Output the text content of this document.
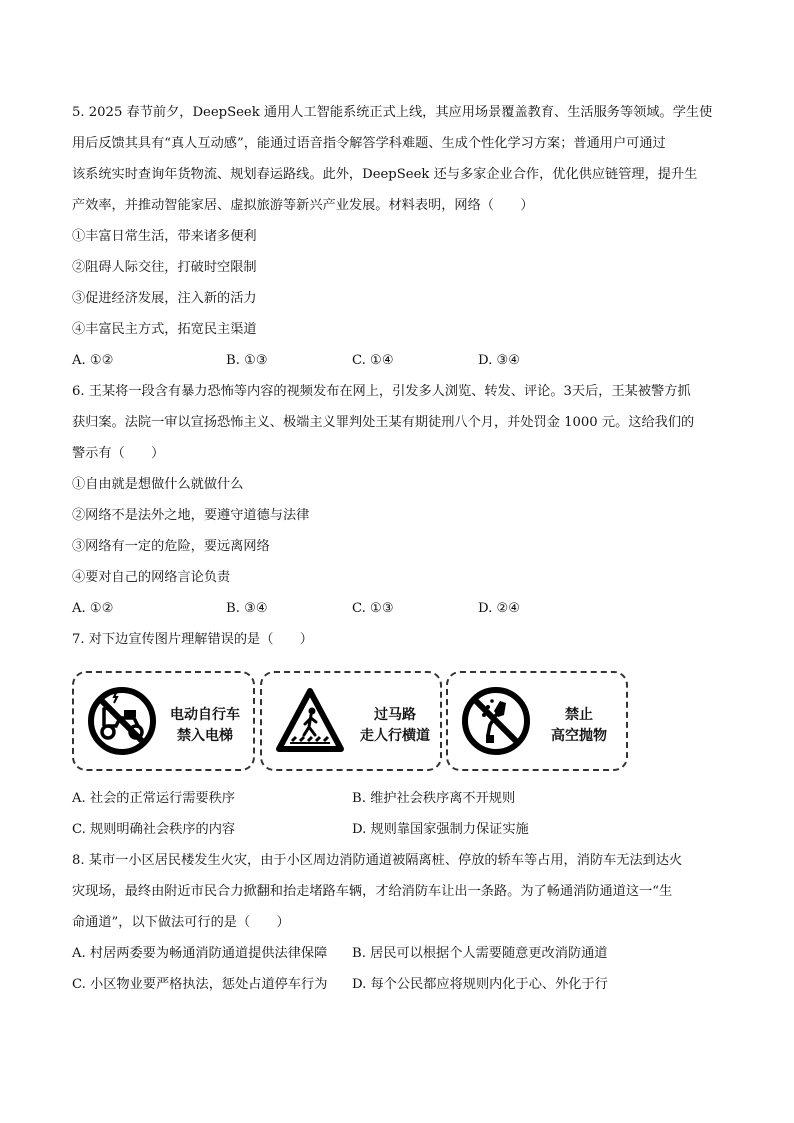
5. 2025 春节前夕，DeepSeek 通用人工智能系统正式上线，其应用场景覆盖教育、生活服务等领域。学生使
用后反馈其具有“真人互动感”，能通过语音指令解答学科难题、生成个性化学习方案；普通用户可通过
该系统实时查询年货物流、规划春运路线。此外，DeepSeek 还与多家企业合作，优化供应链管理，提升生
产效率，并推动智能家居、虚拟旅游等新兴产业发展。材料表明，网络（　　）
①丰富日常生活，带来诸多便利
②阻碍人际交往，打破时空限制
③促进经济发展，注入新的活力
④丰富民主方式，拓宽民主渠道
A. ①②	B. ①③	C. ①④	D. ③④
6. 王某将一段含有暴力恐怖等内容的视频发布在网上，引发多人浏览、转发、评论。3天后，王某被警方抓
获归案。法院一审以宣扬恐怖主义、极端主义罪判处王某有期徒刑八个月，并处罚金 1000 元。这给我们的
警示有（　　）
①自由就是想做什么就做什么
②网络不是法外之地，要遵守道德与法律
③网络有一定的危险，要远离网络
④要对自己的网络言论负责
A. ①②	B. ③④	C. ①③	D. ②④
7. 对下边宣传图片理解错误的是（　　）
电动自行车
禁入电梯
过马路
走人行横道
禁止
高空抛物
A. 社会的正常运行需要秩序	B. 维护社会秩序离不开规则
C. 规则明确社会秩序的内容	D. 规则靠国家强制力保证实施
8. 某市一小区居民楼发生火灾，由于小区周边消防通道被隔离桩、停放的轿车等占用，消防车无法到达火
灾现场，最终由附近市民合力掀翻和抬走堵路车辆，才给消防车让出一条路。为了畅通消防通道这一“生
命通道”，以下做法可行的是（　　）
A. 村居两委要为畅通消防通道提供法律保障 B. 居民可以根据个人需要随意更改消防通道
C. 小区物业要严格执法，惩处占道停车行为 D. 每个公民都应将规则内化于心、外化于行
